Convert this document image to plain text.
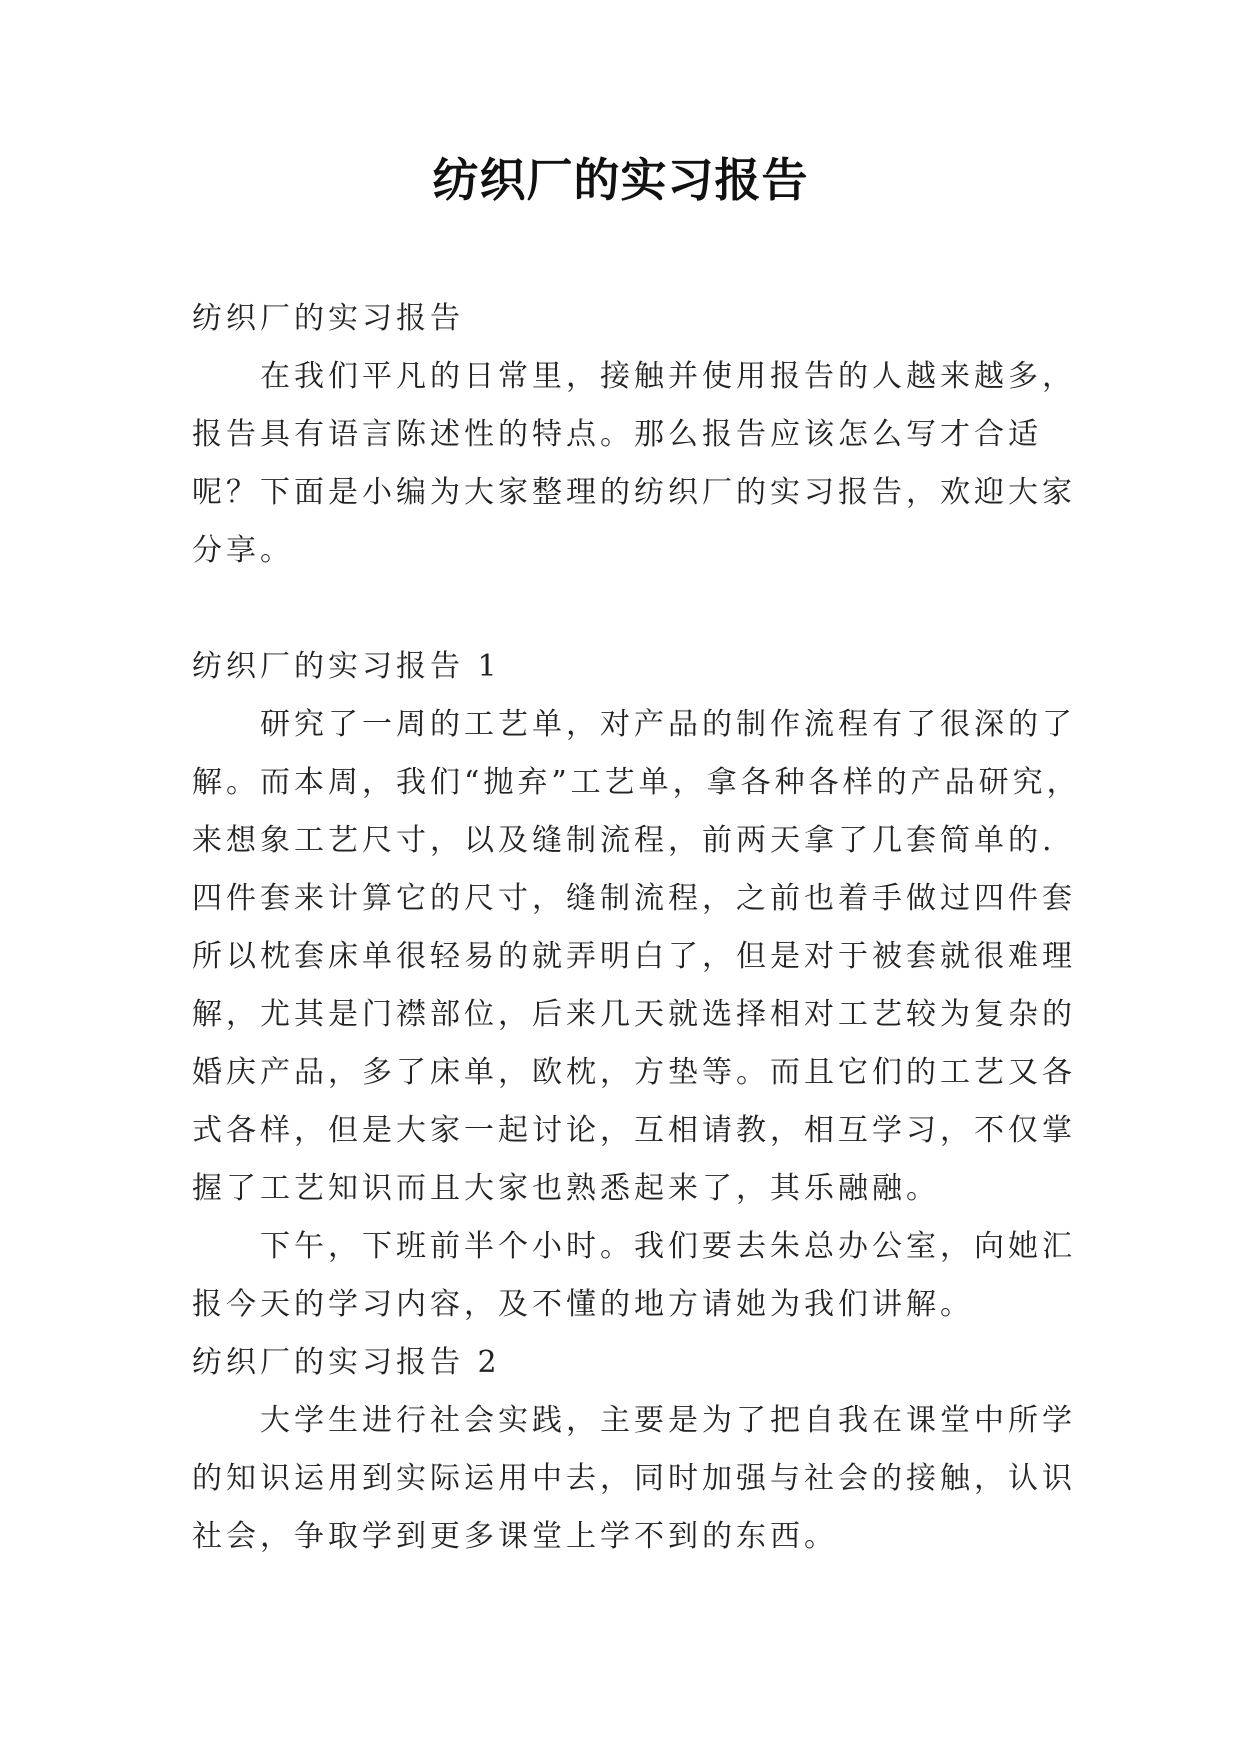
纺织厂的实习报告
纺织厂的实习报告
在我们平凡的日常里，接触并使用报告的人越来越多，
报告具有语言陈述性的特点。那么报告应该怎么写才合适
呢？下面是小编为大家整理的纺织厂的实习报告，欢迎大家
分享。
纺织厂的实习报告 1
研究了一周的工艺单，对产品的制作流程有了很深的了
解。而本周，我们“抛弃”工艺单，拿各种各样的产品研究，
来想象工艺尺寸，以及缝制流程，前两天拿了几套简单的.
四件套来计算它的尺寸，缝制流程，之前也着手做过四件套
所以枕套床单很轻易的就弄明白了，但是对于被套就很难理
解，尤其是门襟部位，后来几天就选择相对工艺较为复杂的
婚庆产品，多了床单，欧枕，方垫等。而且它们的工艺又各
式各样，但是大家一起讨论，互相请教，相互学习，不仅掌
握了工艺知识而且大家也熟悉起来了，其乐融融。
下午，下班前半个小时。我们要去朱总办公室，向她汇
报今天的学习内容，及不懂的地方请她为我们讲解。
纺织厂的实习报告 2
大学生进行社会实践，主要是为了把自我在课堂中所学
的知识运用到实际运用中去，同时加强与社会的接触，认识
社会，争取学到更多课堂上学不到的东西。
